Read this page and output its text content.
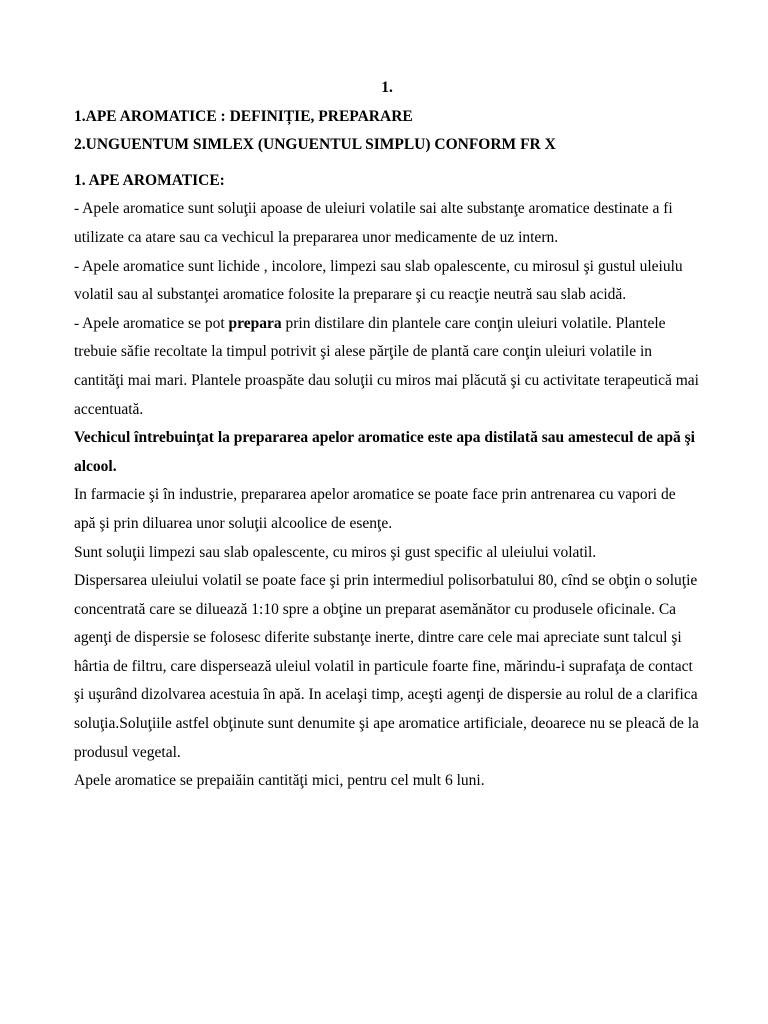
1.

1.APE AROMATICE : DEFINIȚIE, PREPARARE

2.UNGUENTUM SIMLEX (UNGUENTUL SIMPLU) CONFORM FR X

1. APE AROMATICE:

- Apele aromatice sunt soluţii apoase de uleiuri volatile sai alte substanţe aromatice destinate a fi utilizate ca atare sau ca vechicul la prepararea unor medicamente de uz intern.

- Apele aromatice sunt lichide , incolore, limpezi sau slab opalescente, cu mirosul şi gustul uleiulu volatil sau al substanţei aromatice folosite la preparare şi cu reacţie neutră sau slab acidă.

- Apele aromatice se pot prepara prin distilare din plantele care conţin uleiuri volatile. Plantele trebuie săfie recoltate la timpul potrivit şi alese părţile de plantă care conţin uleiuri volatile in cantităţi mai mari. Plantele proaspăte dau soluţii cu miros mai plăcută şi cu activitate terapeutică mai accentuată.

Vechicul întrebuinţat la prepararea apelor aromatice este apa distilată sau amestecul de apă şi alcool.

In farmacie şi în industrie, prepararea apelor aromatice se poate face prin antrenarea cu vapori de apă şi prin diluarea unor soluţii alcoolice de esenţe.

Sunt soluţii limpezi sau slab opalescente, cu miros şi gust specific al uleiului volatil.

Dispersarea uleiului volatil se poate face şi prin intermediul polisorbatului 80, cînd se obţin o soluţie concentrată care se diluează 1:10 spre a obţine un preparat asemănător cu produsele oficinale. Ca agenţi de dispersie se folosesc diferite substanţe inerte, dintre care cele mai apreciate sunt talcul şi hârtia de filtru, care dispersează uleiul volatil in particule foarte fine, mărindu-i suprafaţa de contact şi uşurând dizolvarea acestuia în apă. In acelaşi timp, aceşti agenţi de dispersie au rolul de a clarifica soluţia.Soluţiile astfel obţinute sunt denumite şi ape aromatice artificiale, deoarece nu se pleacă de la produsul vegetal.

Apele aromatice se prepaiăin cantităţi mici, pentru cel mult 6 luni.
